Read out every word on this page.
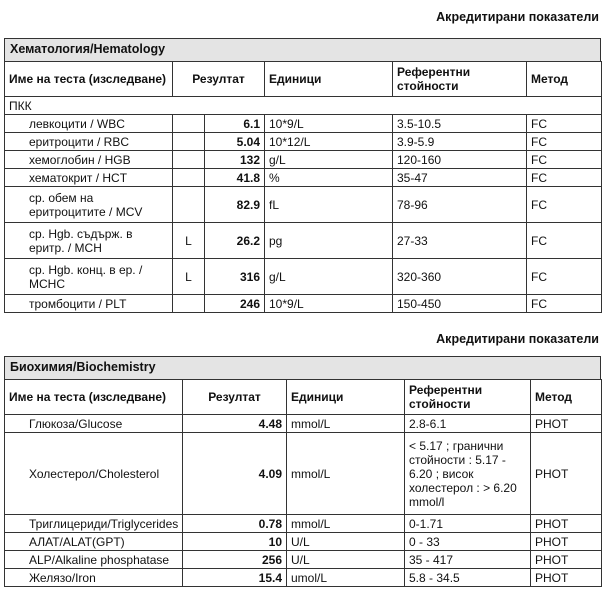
Акредитирани показатели
Хематология/Hematology
Име на теста (изследване)	Резултат		Единици	Референтни стойности	Метод
ПКК					
левкоцити / WBC		6.1	10*9/L	3.5-10.5	FC
еритроцити / RBC		5.04	10*12/L	3.9-5.9	FC
хемоглобин / HGB		132	g/L	120-160	FC
хематокрит / HCT		41.8	%	35-47	FC
ср. обем на еритроцитите / MCV		82.9	fL	78-96	FC
ср. Hgb. съдърж. в еритр. / MCH	L	26.2	pg	27-33	FC
ср. Hgb. конц. в ер. / MCHC	L	316	g/L	320-360	FC
тромбоцити / PLT		246	10*9/L	150-450	FC
Акредитирани показатели
Биохимия/Biochemistry
Име на теста (изследване)	Резултат	Единици	Референтни стойности	Метод
Глюкоза/Glucose	4.48	mmol/L	2.8-6.1	PHOT
Холестерол/Cholesterol	4.09	mmol/L	< 5.17 ; гранични стойности : 5.17 - 6.20 ; висок холестерол : > 6.20 mmol/l	PHOT
Триглицериди/Triglycerides	0.78	mmol/L	0-1.71	PHOT
АЛАТ/ALAT(GPT)	10	U/L	0 - 33	PHOT
ALP/Alkaline phosphatase	256	U/L	35 - 417	PHOT
Желязо/Iron	15.4	umol/L	5.8 - 34.5	PHOT
